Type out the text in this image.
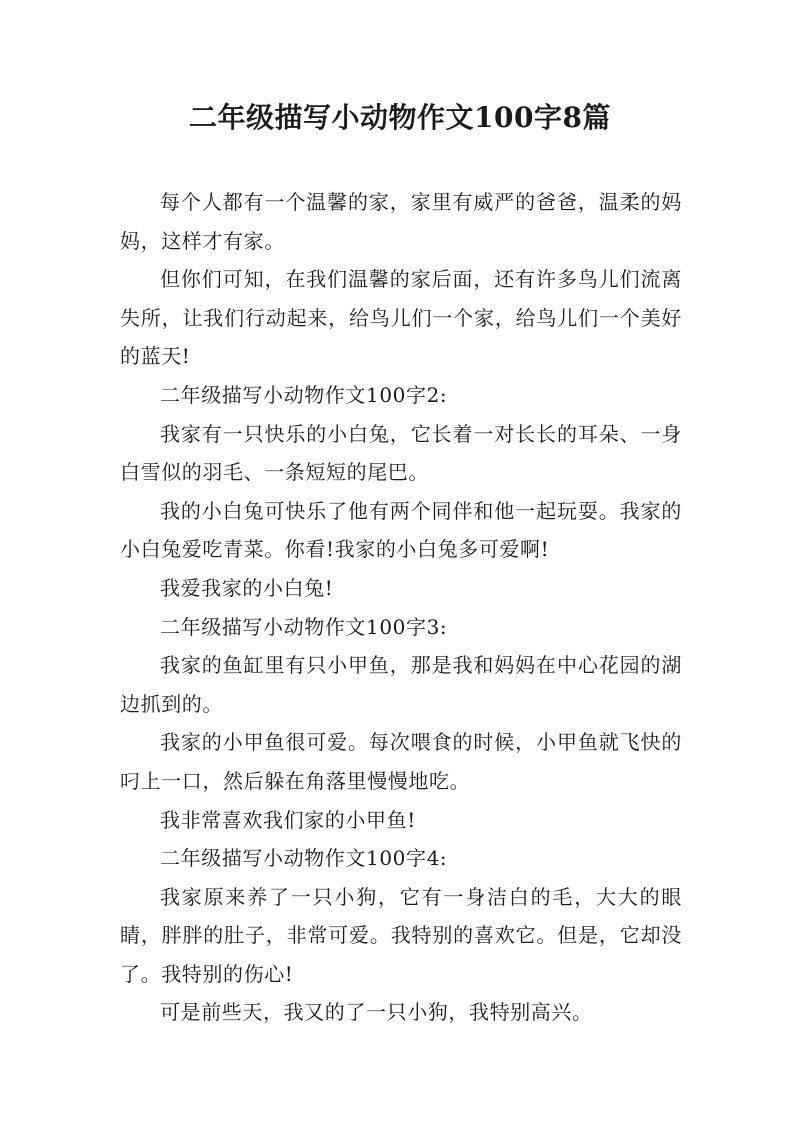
二年级描写小动物作文100字8篇

每个人都有一个温馨的家，家里有威严的爸爸，温柔的妈妈，这样才有家。

但你们可知，在我们温馨的家后面，还有许多鸟儿们流离失所，让我们行动起来，给鸟儿们一个家，给鸟儿们一个美好的蓝天!

二年级描写小动物作文100字2:

我家有一只快乐的小白兔，它长着一对长长的耳朵、一身白雪似的羽毛、一条短短的尾巴。

我的小白兔可快乐了他有两个同伴和他一起玩耍。我家的小白兔爱吃青菜。你看!我家的小白兔多可爱啊!

我爱我家的小白兔!

二年级描写小动物作文100字3:

我家的鱼缸里有只小甲鱼，那是我和妈妈在中心花园的湖边抓到的。

我家的小甲鱼很可爱。每次喂食的时候，小甲鱼就飞快的叼上一口，然后躲在角落里慢慢地吃。

我非常喜欢我们家的小甲鱼!

二年级描写小动物作文100字4:

我家原来养了一只小狗，它有一身洁白的毛，大大的眼睛，胖胖的肚子，非常可爱。我特别的喜欢它。但是，它却没了。我特别的伤心!

可是前些天，我又的了一只小狗，我特别高兴。
